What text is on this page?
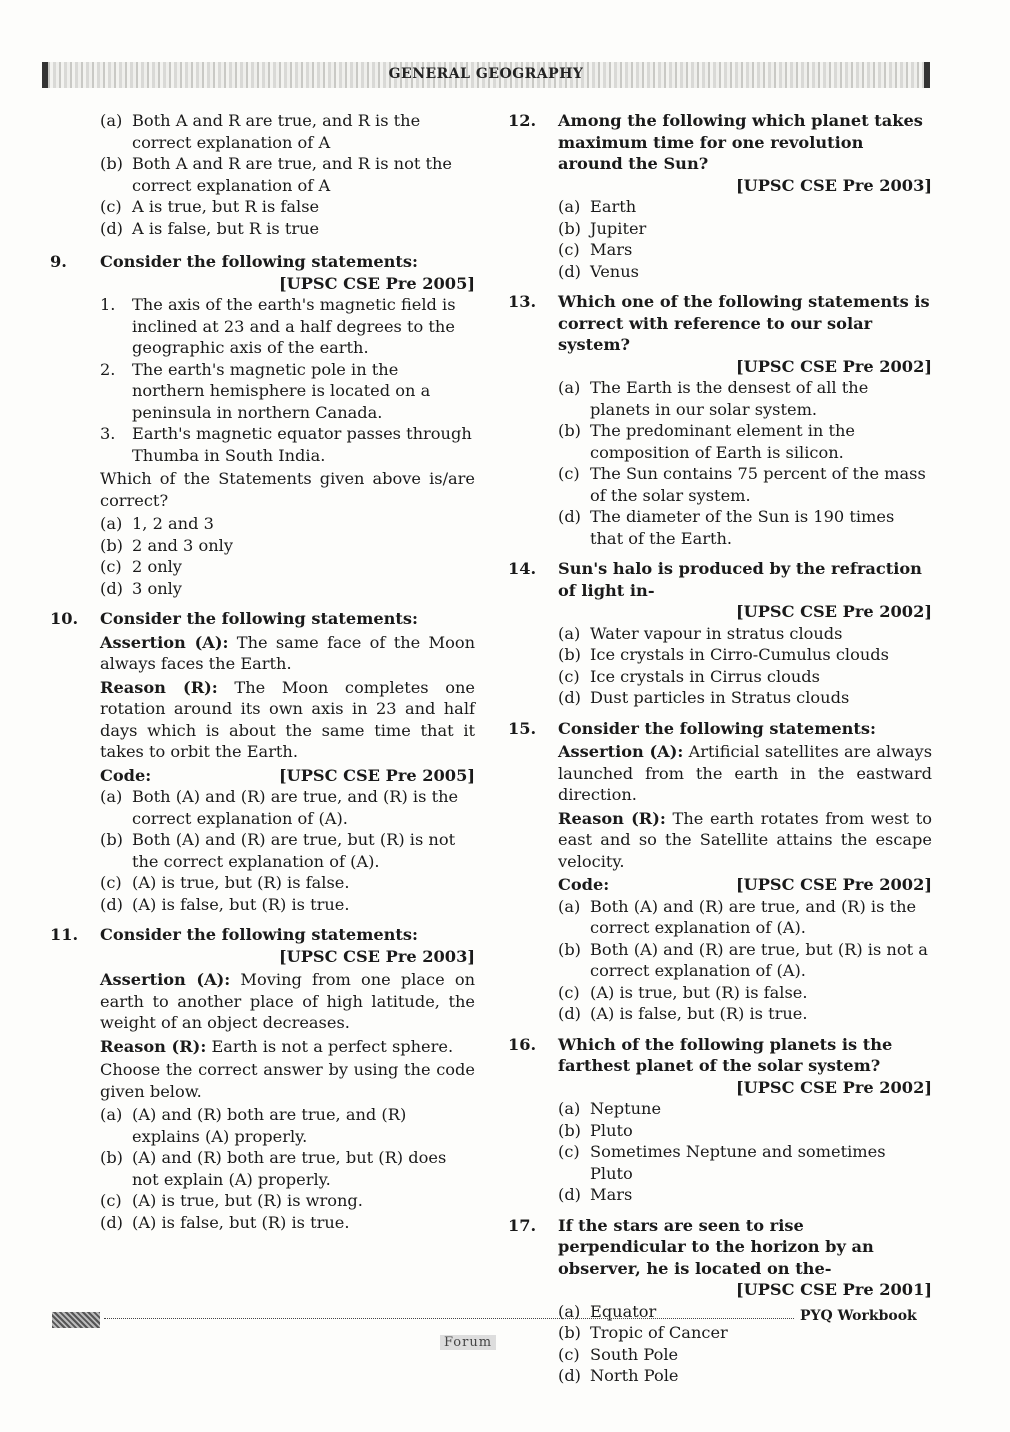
GENERAL GEOGRAPHY
(a) Both A and R are true, and R is the correct explanation of A
(b) Both A and R are true, and R is not the correct explanation of A
(c) A is true, but R is false
(d) A is false, but R is true
9. Consider the following statements:
[UPSC CSE Pre 2005]
1. The axis of the earth's magnetic field is inclined at 23 and a half degrees to the geographic axis of the earth.
2. The earth's magnetic pole in the northern hemisphere is located on a peninsula in northern Canada.
3. Earth's magnetic equator passes through Thumba in South India.
Which of the Statements given above is/are correct?
(a) 1, 2 and 3
(b) 2 and 3 only
(c) 2 only
(d) 3 only
10. Consider the following statements:
Assertion (A): The same face of the Moon always faces the Earth.
Reason (R): The Moon completes one rotation around its own axis in 23 and half days which is about the same time that it takes to orbit the Earth.
Code:	[UPSC CSE Pre 2005]
(a) Both (A) and (R) are true, and (R) is the correct explanation of (A).
(b) Both (A) and (R) are true, but (R) is not the correct explanation of (A).
(c) (A) is true, but (R) is false.
(d) (A) is false, but (R) is true.
11. Consider the following statements:
[UPSC CSE Pre 2003]
Assertion (A): Moving from one place on earth to another place of high latitude, the weight of an object decreases.
Reason (R): Earth is not a perfect sphere.
Choose the correct answer by using the code given below.
(a) (A) and (R) both are true, and (R) explains (A) properly.
(b) (A) and (R) both are true, but (R) does not explain (A) properly.
(c) (A) is true, but (R) is wrong.
(d) (A) is false, but (R) is true.
12. Among the following which planet takes maximum time for one revolution around the Sun?
[UPSC CSE Pre 2003]
(a) Earth
(b) Jupiter
(c) Mars
(d) Venus
13. Which one of the following statements is correct with reference to our solar system?
[UPSC CSE Pre 2002]
(a) The Earth is the densest of all the planets in our solar system.
(b) The predominant element in the composition of Earth is silicon.
(c) The Sun contains 75 percent of the mass of the solar system.
(d) The diameter of the Sun is 190 times that of the Earth.
14. Sun's halo is produced by the refraction of light in-
[UPSC CSE Pre 2002]
(a) Water vapour in stratus clouds
(b) Ice crystals in Cirro-Cumulus clouds
(c) Ice crystals in Cirrus clouds
(d) Dust particles in Stratus clouds
15. Consider the following statements:
Assertion (A): Artificial satellites are always launched from the earth in the eastward direction.
Reason (R): The earth rotates from west to east and so the Satellite attains the escape velocity.
Code:	[UPSC CSE Pre 2002]
(a) Both (A) and (R) are true, and (R) is the correct explanation of (A).
(b) Both (A) and (R) are true, but (R) is not a correct explanation of (A).
(c) (A) is true, but (R) is false.
(d) (A) is false, but (R) is true.
16. Which of the following planets is the farthest planet of the solar system?
[UPSC CSE Pre 2002]
(a) Neptune
(b) Pluto
(c) Sometimes Neptune and sometimes Pluto
(d) Mars
17. If the stars are seen to rise perpendicular to the horizon by an observer, he is located on the-
[UPSC CSE Pre 2001]
(a) Equator
(b) Tropic of Cancer
(c) South Pole
(d) North Pole
PYQ Workbook
Forum
